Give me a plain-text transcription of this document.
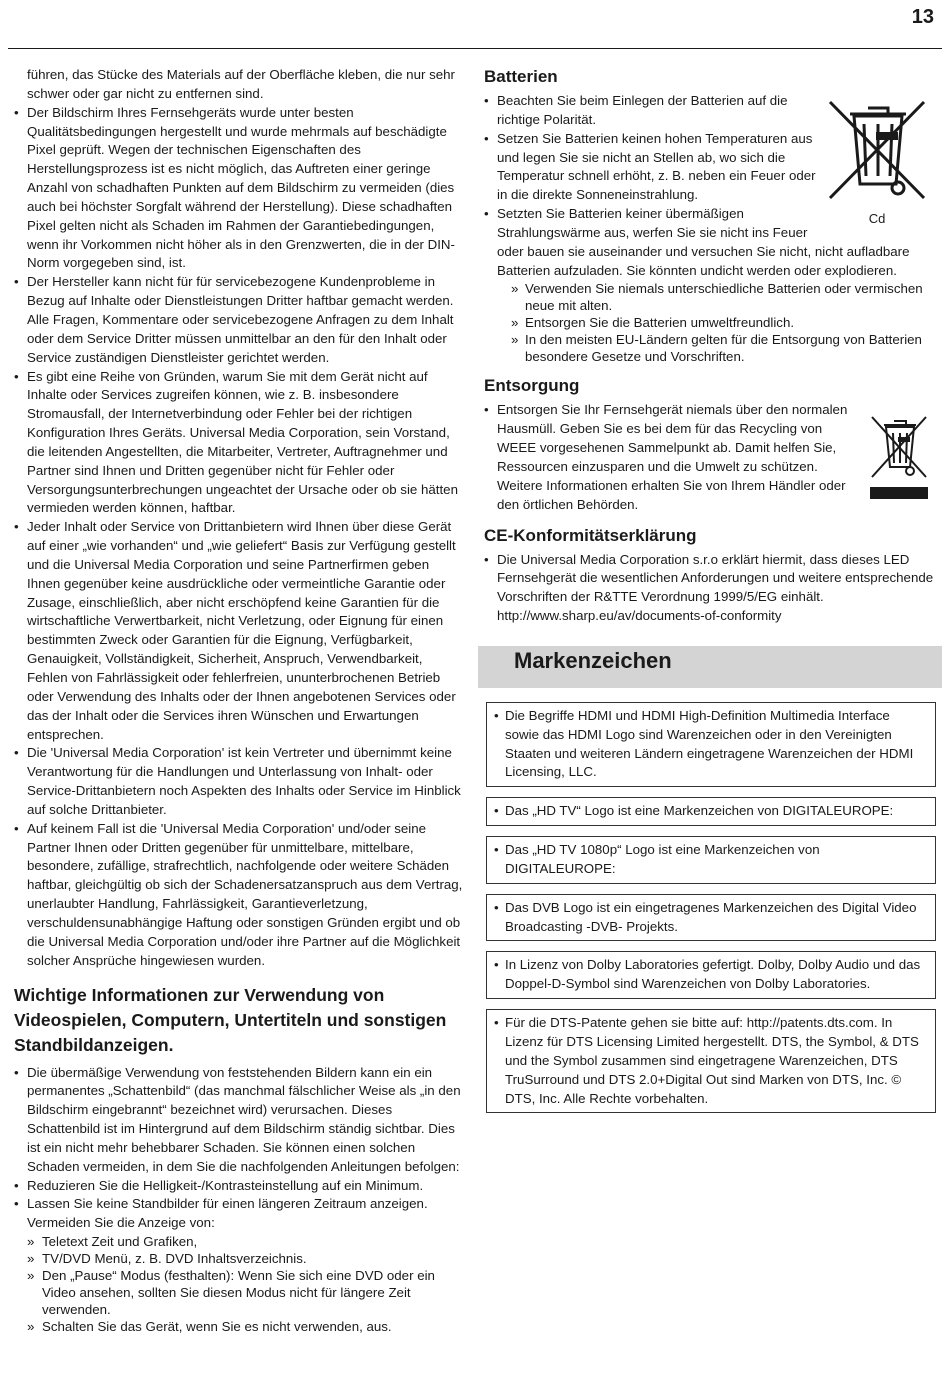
13
führen, das Stücke des Materials auf der Oberfläche kleben, die nur sehr schwer oder gar nicht zu entfernen sind.
• Der Bildschirm Ihres Fernsehgeräts wurde unter besten Qualitätsbedingungen hergestellt und wurde mehrmals auf beschädigte Pixel geprüft. Wegen der technischen Eigenschaften des Herstellungsprozess ist es nicht möglich, das Auftreten einer geringe Anzahl von schadhaften Punkten auf dem Bildschirm zu vermeiden (dies auch bei höchster Sorgfalt während der Herstellung). Diese schadhaften Pixel gelten nicht als Schaden im Rahmen der Garantiebedingungen, wenn ihr Vorkommen nicht höher als in den Grenzwerten, die in der DIN-Norm vorgegeben sind, ist.
• Der Hersteller kann nicht für für servicebezogene Kundenprobleme in Bezug auf Inhalte oder Dienstleistungen Dritter haftbar gemacht werden. Alle Fragen, Kommentare oder servicebezogene Anfragen zu dem Inhalt oder dem Service Dritter müssen unmittelbar an den für den Inhalt oder Service zuständigen Dienstleister gerichtet werden.
• Es gibt eine Reihe von Gründen, warum Sie mit dem Gerät nicht auf Inhalte oder Services zugreifen können, wie z. B. insbesondere Stromausfall, der Internetverbindung oder Fehler bei der richtigen Konfiguration Ihres Geräts. Universal Media Corporation, sein Vorstand, die leitenden Angestellten, die Mitarbeiter, Vertreter, Auftragnehmer und Partner sind Ihnen und Dritten gegenüber nicht für Fehler oder Versorgungsunterbrechungen ungeachtet der Ursache oder ob sie hätten vermieden werden können, haftbar.
• Jeder Inhalt oder Service von Drittanbietern wird Ihnen über diese Gerät auf einer „wie vorhanden“ und „wie geliefert“ Basis zur Verfügung gestellt und die Universal Media Corporation und seine Partnerfirmen geben Ihnen gegenüber keine ausdrückliche oder vermeintliche Garantie oder Zusage, einschließlich, aber nicht erschöpfend keine Garantien für die wirtschaftliche Verwertbarkeit, nicht Verletzung, oder Eignung für einen bestimmten Zweck oder Garantien für die Eignung, Verfügbarkeit, Genauigkeit, Vollständigkeit, Sicherheit, Anspruch, Verwendbarkeit, Fehlen von Fahrlässigkeit oder fehlerfreien, ununterbrochenen Betrieb oder Verwendung des Inhalts oder der Ihnen angebotenen Services oder das der Inhalt oder die Services ihren Wünschen und Erwartungen entsprechen.
• Die 'Universal Media Corporation' ist kein Vertreter und übernimmt keine Verantwortung für die Handlungen und Unterlassung von Inhalt- oder Service-Drittanbietern noch Aspekten des Inhalts oder Service im Hinblick auf solche Drittanbieter.
• Auf keinem Fall ist die 'Universal Media Corporation' und/oder seine Partner Ihnen oder Dritten gegenüber für unmittelbare, mittelbare, besondere, zufällige, strafrechtlich, nachfolgende oder weitere Schäden haftbar, gleichgültig ob sich der Schadenersatzanspruch aus dem Vertrag, unerlaubter Handlung, Fahrlässigkeit, Garantieverletzung, verschuldensunabhängige Haftung oder sonstigen Gründen ergibt und ob die Universal Media Corporation und/oder ihre Partner auf die Möglichkeit solcher Ansprüche hingewiesen wurden.
Wichtige Informationen zur Verwendung von Videospielen, Computern, Untertiteln und sonstigen Standbildanzeigen.
• Die übermäßige Verwendung von feststehenden Bildern kann ein ein permanentes „Schattenbild“ (das manchmal fälschlicher Weise als „in den Bildschirm eingebrannt“ bezeichnet wird) verursachen. Dieses Schattenbild ist im Hintergrund auf dem Bildschirm ständig sichtbar. Dies ist ein nicht mehr behebbarer Schaden. Sie können einen solchen Schaden vermeiden, in dem Sie die nachfolgenden Anleitungen befolgen:
• Reduzieren Sie die Helligkeit-/Kontrasteinstellung auf ein Minimum.
• Lassen Sie keine Standbilder für einen längeren Zeitraum anzeigen.
Vermeiden Sie die Anzeige von:
» Teletext Zeit und Grafiken,
» TV/DVD Menü, z. B. DVD Inhaltsverzeichnis.
» Den „Pause“ Modus (festhalten): Wenn Sie sich eine DVD oder ein Video ansehen, sollten Sie diesen Modus nicht für längere Zeit verwenden.
» Schalten Sie das Gerät, wenn Sie es nicht verwenden, aus.
Batterien
Cd
• Beachten Sie beim Einlegen der Batterien auf die richtige Polarität.
• Setzen Sie Batterien keinen hohen Temperaturen aus und legen Sie sie nicht an Stellen ab, wo sich die Temperatur schnell erhöht, z. B. neben ein Feuer oder in die direkte Sonneneinstrahlung.
• Setzten Sie Batterien keiner übermäßigen Strahlungswärme aus, werfen Sie sie nicht ins Feuer oder bauen sie auseinander und versuchen Sie nicht, nicht aufladbare Batterien aufzuladen. Sie könnten undicht werden oder explodieren.
» Verwenden Sie niemals unterschiedliche Batterien oder vermischen neue mit alten.
» Entsorgen Sie die Batterien umweltfreundlich.
» In den meisten EU-Ländern gelten für die Entsorgung von Batterien besondere Gesetze und Vorschriften.
Entsorgung
• Entsorgen Sie Ihr Fernsehgerät niemals über den normalen Hausmüll. Geben Sie es bei dem für das Recycling von WEEE vorgesehenen Sammelpunkt ab. Damit helfen Sie, Ressourcen einzusparen und die Umwelt zu schützen. Weitere Informationen erhalten Sie von Ihrem Händler oder den örtlichen Behörden.
CE-Konformitätserklärung
• Die Universal Media Corporation s.r.o erklärt hiermit, dass dieses LED Fernsehgerät die wesentlichen Anforderungen und weitere entsprechende Vorschriften der R&TTE Verordnung 1999/5/EG einhält. http://www.sharp.eu/av/documents-of-conformity
Markenzeichen
• Die Begriffe HDMI und HDMI High-Definition Multimedia Interface sowie das HDMI Logo sind Warenzeichen oder in den Vereinigten Staaten und weiteren Ländern eingetragene Warenzeichen der HDMI Licensing, LLC.
• Das „HD TV“ Logo ist eine Markenzeichen von DIGITALEUROPE:
• Das „HD TV 1080p“ Logo ist eine Markenzeichen von DIGITALEUROPE:
• Das DVB Logo ist ein eingetragenes Markenzeichen des Digital Video Broadcasting -DVB- Projekts.
• In Lizenz von Dolby Laboratories gefertigt. Dolby, Dolby Audio und das Doppel-D-Symbol sind Warenzeichen von Dolby Laboratories.
• Für die DTS-Patente gehen sie bitte auf: http://patents.dts.com. In Lizenz für DTS Licensing Limited hergestellt. DTS, the Symbol, & DTS und the Symbol zusammen sind eingetragene Warenzeichen, DTS TruSurround und DTS 2.0+Digital Out sind Marken von DTS, Inc. © DTS, Inc. Alle Rechte vorbehalten.
